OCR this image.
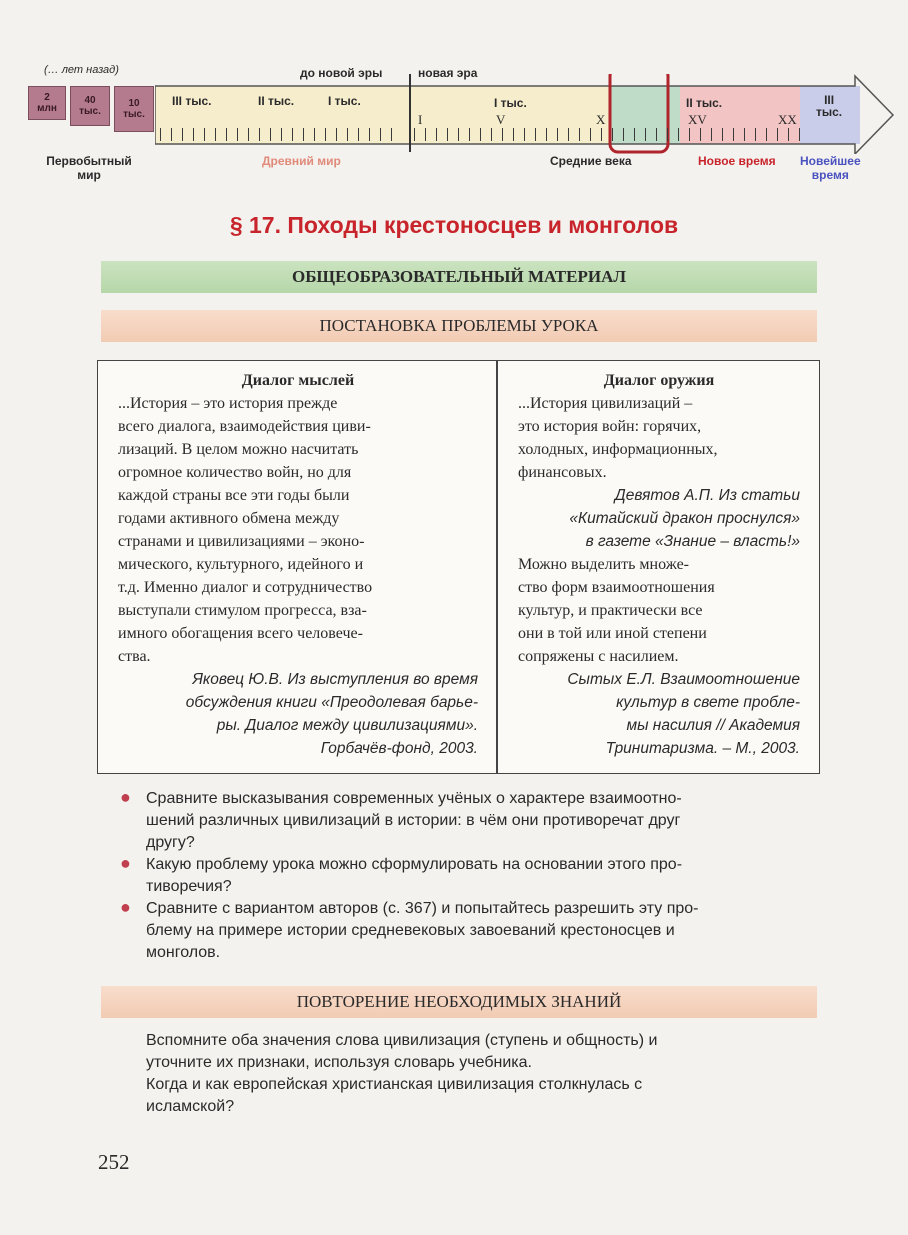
(… лет назад)	до новой эры	новая эра
2
млн
40
тыс.
10
тыс.
III тыс.	II тыс.	I тыс.	I тыс.	II тыс.	III
тыс.
I	V	X	XV	XX
Первобытный
мир
Древний мир	Средние века	Новое время Новейшее
время
§ 17. Походы крестоносцев и монголов
ОБЩЕОБРАЗОВАТЕЛЬНЫЙ МАТЕРИАЛ
ПОСТАНОВКА ПРОБЛЕМЫ УРОКА
Диалог мыслей
...История – это история прежде
всего диалога, взаимодействия циви-
лизаций. В целом можно насчитать
огромное количество войн, но для
каждой страны все эти годы были
годами активного обмена между
странами и цивилизациями – эконо-
мического, культурного, идейного и
т.д. Именно диалог и сотрудничество
выступали стимулом прогресса, вза-
имного обогащения всего человече-
ства.
Яковец Ю.В. Из выступления во время
обсуждения книги «Преодолевая барье-
ры. Диалог между цивилизациями».
Горбачёв-фонд, 2003.
Диалог оружия
...История цивилизаций –
это история войн: горячих,
холодных, информационных,
финансовых.
Девятов А.П. Из статьи
«Китайский дракон проснулся»
в газете «Знание – власть!»
Можно выделить множе-
ство форм взаимоотношения
культур, и практически все
они в той или иной степени
сопряжены с насилием.
Сытых Е.Л. Взаимоотношение
культур в свете пробле-
мы насилия // Академия
Тринитаризма. – М., 2003.
● Сравните высказывания современных учёных о характере взаимоотно-
шений различных цивилизаций в истории: в чём они противоречат друг
другу?
● Какую проблему урока можно сформулировать на основании этого про-
тиворечия?
● Сравните с вариантом авторов (с. 367) и попытайтесь разрешить эту про-
блему на примере истории средневековых завоеваний крестоносцев и
монголов.
ПОВТОРЕНИЕ НЕОБХОДИМЫХ ЗНАНИЙ
Вспомните оба значения слова цивилизация (ступень и общность) и
уточните их признаки, используя словарь учебника.
Когда и как европейская христианская цивилизация столкнулась с
исламской?
252
